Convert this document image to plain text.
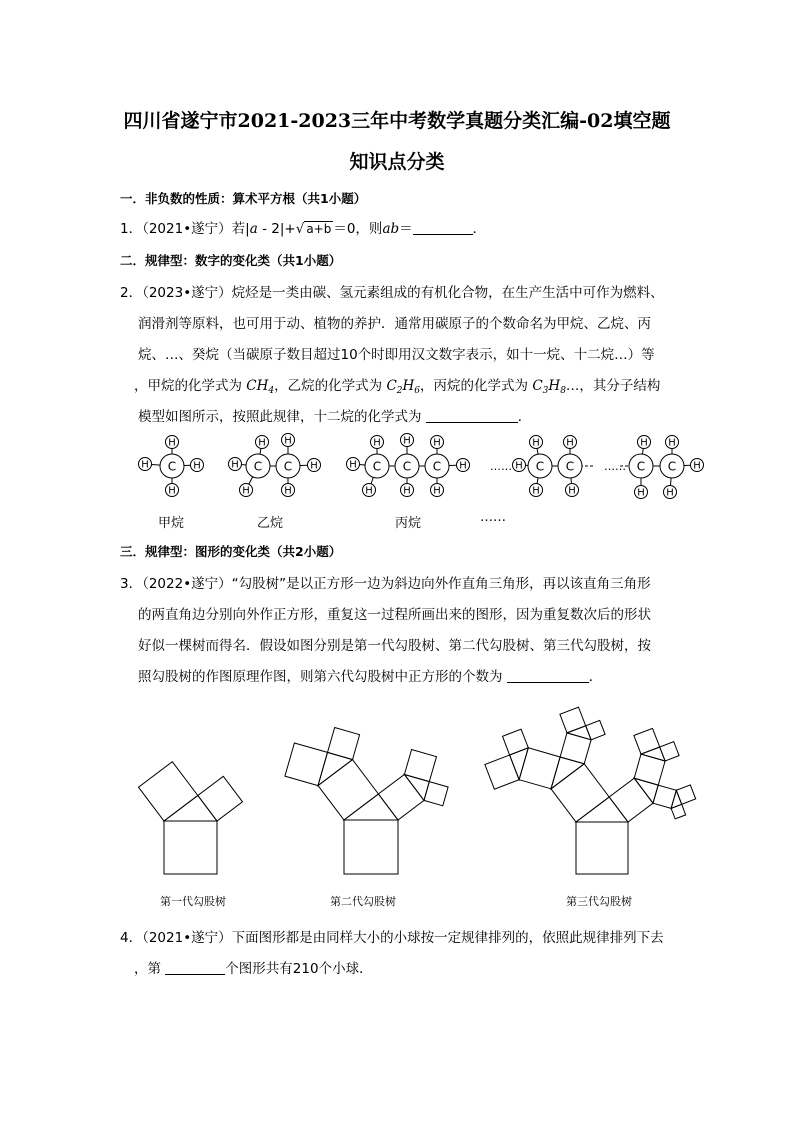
四川省遂宁市2021-2023三年中考数学真题分类汇编-02填空题
知识点分类
一．非负数的性质：算术平方根（共1小题）
1．（2021•遂宁）若|a - 2|+√ a+b ＝0，则ab＝	．
二．规律型：数字的变化类（共1小题）
2．（2023•遂宁）烷烃是一类由碳、氢元素组成的有机化合物，在生产生活中可作为燃料、
润滑剂等原料，也可用于动、植物的养护．通常用碳原子的个数命名为甲烷、乙烷、丙
烷、…、癸烷（当碳原子数目超过10个时即用汉文数字表示，如十一烷、十二烷…）等
，甲烷的化学式为 $CH_4$，乙烷的化学式为 $C_2H_6$，丙烷的化学式为 $C_3H_8\dots$，其分子结构
模型如图所示，按照此规律，十二烷的化学式为	．
C
H
H
H	H	C C
H
H
H
H
H
H	C C C
H
H
H
H
H
H
H
H	C C
H
H
H
H
H
C C
H
H
H
H
H
……	……
甲烷	乙烷	丙烷	……
三．规律型：图形的变化类（共2小题）
3．（2022•遂宁）“勾股树”是以正方形一边为斜边向外作直角三角形，再以该直角三角形
的两直角边分别向外作正方形，重复这一过程所画出来的图形，因为重复数次后的形状
好似一棵树而得名．假设如图分别是第一代勾股树、第二代勾股树、第三代勾股树，按
照勾股树的作图原理作图，则第六代勾股树中正方形的个数为	．
第一代勾股树	第二代勾股树	第三代勾股树
4．（2021•遂宁）下面图形都是由同样大小的小球按一定规律排列的，依照此规律排列下去
，第	个图形共有210个小球．
